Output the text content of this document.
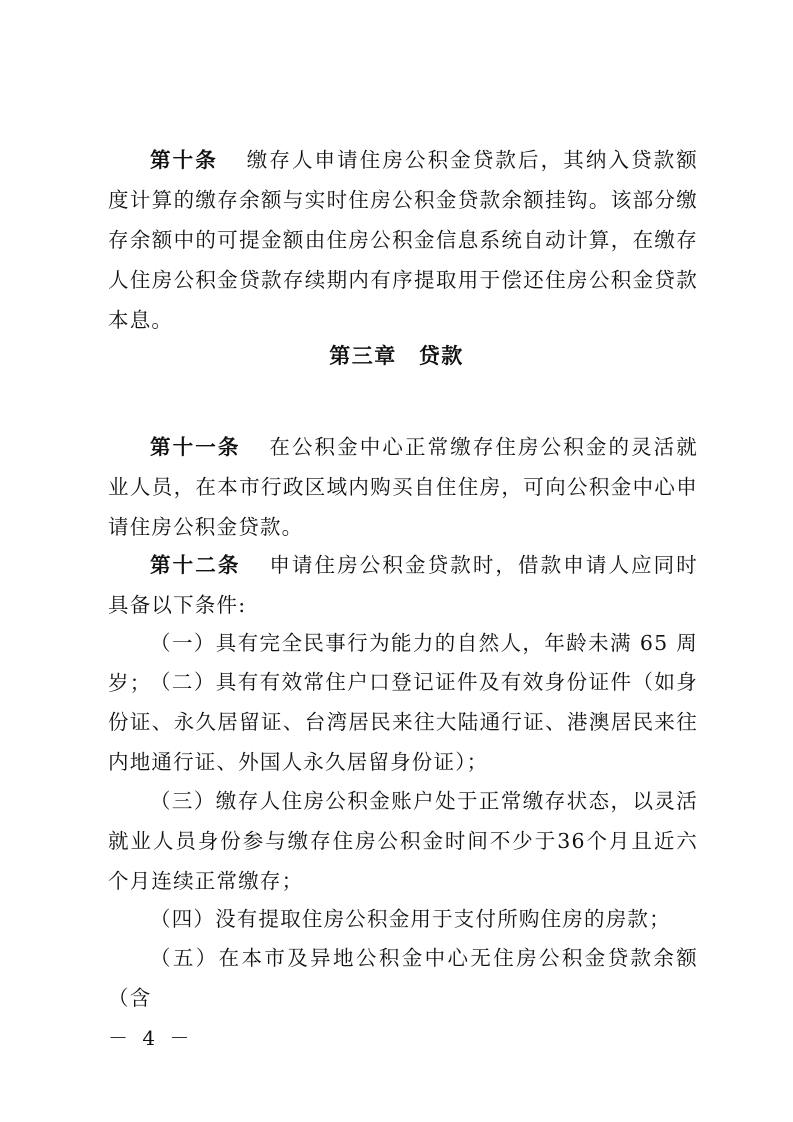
第十条 缴存人申请住房公积金贷款后，其纳入贷款额度计算的缴存余额与实时住房公积金贷款余额挂钩。该部分缴存余额中的可提金额由住房公积金信息系统自动计算，在缴存人住房公积金贷款存续期内有序提取用于偿还住房公积金贷款本息。

第三章 贷款

第十一条 在公积金中心正常缴存住房公积金的灵活就业人员，在本市行政区域内购买自住住房，可向公积金中心申请住房公积金贷款。

第十二条 申请住房公积金贷款时，借款申请人应同时具备以下条件:

（一）具有完全民事行为能力的自然人，年龄未满 65 周岁；

（二）具有有效常住户口登记证件及有效身份证件（如身份证、永久居留证、台湾居民来往大陆通行证、港澳居民来往内地通行证、外国人永久居留身份证）；

（三）缴存人住房公积金账户处于正常缴存状态，以灵活就业人员身份参与缴存住房公积金时间不少于36个月且近六个月连续正常缴存；

（四）没有提取住房公积金用于支付所购住房的房款；

（五）在本市及异地公积金中心无住房公积金贷款余额（含

－ 4 －
